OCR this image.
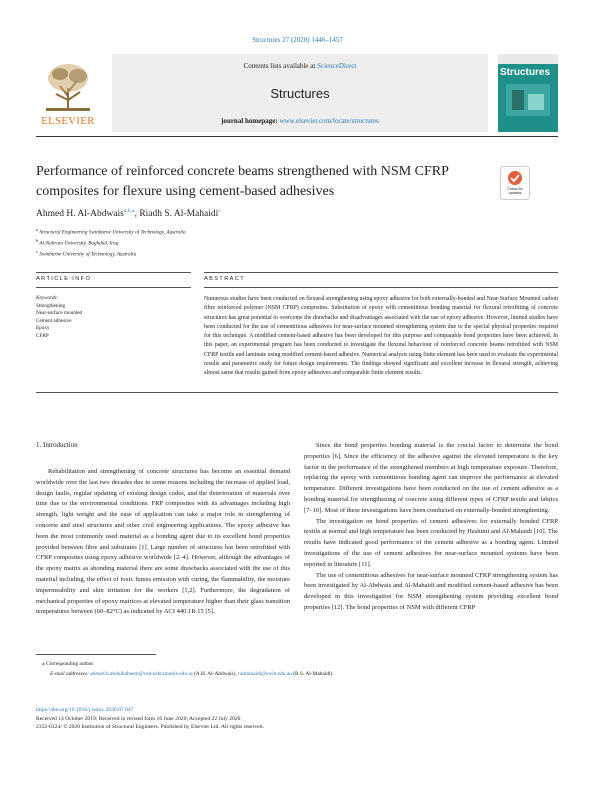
Structures 27 (2020) 1446–1457
ELSEVIER
Contents lists available at ScienceDirect
Structures
journal homepage: www.elsevier.com/locate/structures
Structures
Performance of reinforced concrete beams strengthened with NSM CFRP composites for flexure using cement-based adhesives	Check for updates
Ahmed H. Al-Abdwais$^{a,b,⁎}$, Riadh S. Al-Mahaidi$^c$
$^a$ Structural Engineering Swinburne University of Technology, Australia
$^b$ Al-Nahrain University, Baghdad, Iraq
$^c$ Swinburne University of Technology, Australia
ARTICLE INFO	ABSTRACT
Keywords:
Strengthening
Near-surface mounted
Cement adhesive
Epoxy
CFRP
Numerous studies have been conducted on flexural strengthening using epoxy adhesive for both externally-bonded and Near-Surface Mounted carbon fibre reinforced polymer (NSM CFRP) composites. Substitution of epoxy with cementitious bonding material for flexural retrofitting of concrete structures has great potential to overcome the drawbacks and disadvantages associated with the use of epoxy adhesive. However, limited studies have been conducted for the use of cementitious adhesives for near-surface mounted strengthening system due to the special physical properties required for this technique. A modified cement-based adhesive has been developed for this purpose and comparable bond properties have been achieved. In this paper, an experimental program has been conducted to investigate the flexural behaviour of reinforced concrete beams retrofitted with NSM CFRP textile and laminate using modified cement-based adhesive. Numerical analysis using finite element has been used to evaluate the experimental results and parametric study for future design requirements. The findings showed significant and excellent increase in flexural strength, achieving almost same that results gained from epoxy adhesives and comparable finite element results.
1. Introduction

Rehabilitation and strengthening of concrete structures has become an essential demand worldwide over the last two decades due to some reasons including the increase of applied load, design faults, regular updating of existing design codes, and the deterioration of materials over time due to the environmental conditions. FRP composites with its advantages including high strength, light weight and the ease of application can take a major role in strengthening of concrete and steel structures and other civil engineering applications. The epoxy adhesive has been the most commonly used material as a bonding agent due to its excellent bond properties provided between fibre and substrates [1]. Large number of structures has been retrofitted with CFRP composites using epoxy adhesive worldwide [2–4]. However, although the advantages of the epoxy matrix as abonding material there are some drawbacks associated with the use of this material including, the effect of toxic fumes emission with curing, the flammability, the moisture impermeability and skin irritation for the workers [1,2]. Furthermore, the degradation of mechanical properties of epoxy matrices at elevated temperature higher than their glass transition temperatures between (60–82°C) as indicated by ACI 440.1R 15 [5].

Since the bond properties bonding material is the crucial factor to determine the bond properties [6], Since the efficiency of the adhesive against the elevated temperature is the key factor in the performance of the strengthened members at high temperature exposure. Therefore, replacing the epoxy with cementitious bonding agent can improve the performance at elevated temperature. Different investigations have been conducted on the use of cement adhesive as a bonding material for strengthening of concrete using different types of CFRP textile and fabrics [7–10]. Most of these investigations have been conducted on externally-bonded strengthening.

The investigation on bond properties of cement adhesives for externally bonded CFRP textile at normal and high temperature has been conducted by Hashimi and Al-Mahaidi [10]. The results have indicated good performance of the cement adhesive as a bonding agent. Limited investigations of the use of cement adhesives for near-surface mounted systems have been reported in literature [11].

The use of cementitious adhesives for near-surface mounted CFRP strengthening system has been investigated by Al-Abdwais and Al-Mahaidi and modified cement-based adhesive has been developed in this investigation for NSM strengthening system providing excellent bond properties [12]. The bond properties of NSM with different CFRP

⁎ Corresponding author.
E-mail addresses: ahmed.h.abdulkabeem@ced.nahrainuniv.edu.iq (A.H. Al-Abdwais), ralmahaidi@swin.edu.au (R.S. Al-Mahaidi).
https://doi.org/10.1016/j.istruc.2020.07.047
Received 14 October 2019; Received in revised form 16 June 2020; Accepted 22 July 2020
2352-0124/ © 2020 Institution of Structural Engineers. Published by Elsevier Ltd. All rights reserved.
